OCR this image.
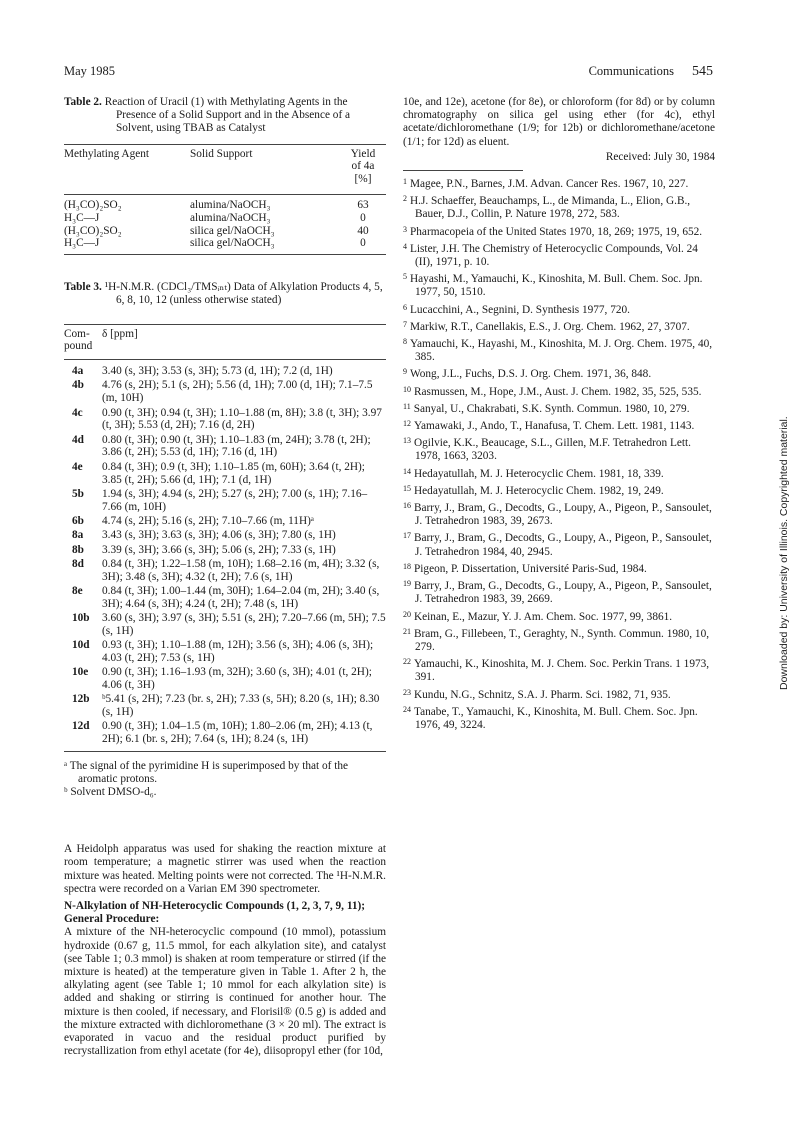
May 1985	Communications 545

Table 2. Reaction of Uracil (1) with Methylating Agents in the Presence of a Solid Support and in the Absence of a Solvent, using TBAB as Catalyst

Methylating Agent	Solid Support	Yield
		of 4a
		[%]
(H₃CO)₂SO₂	alumina/NaOCH₃	63
H₃C—J	alumina/NaOCH₃	0
(H₃CO)₂SO₂	silica gel/NaOCH₃	40
H₃C—J	silica gel/NaOCH₃	0

Table 3. ¹H-N.M.R. (CDCl₃/TMSᵢₙₜ) Data of Alkylation Products 4, 5, 6, 8, 10, 12 (unless otherwise stated)

Com- pound	δ [ppm]
4a	3.40 (s, 3H); 3.53 (s, 3H); 5.73 (d, 1H); 7.2 (d, 1H)
4b	4.76 (s, 2H); 5.1 (s, 2H); 5.56 (d, 1H); 7.00 (d, 1H); 7.1–7.5 (m, 10H)
4c	0.90 (t, 3H); 0.94 (t, 3H); 1.10–1.88 (m, 8H); 3.8 (t, 3H); 3.97 (t, 3H); 5.53 (d, 2H); 7.16 (d, 2H)
4d	0.80 (t, 3H); 0.90 (t, 3H); 1.10–1.83 (m, 24H); 3.78 (t, 2H); 3.86 (t, 2H); 5.53 (d, 1H); 7.16 (d, 1H)
4e	0.84 (t, 3H); 0.9 (t, 3H); 1.10–1.85 (m, 60H); 3.64 (t, 2H); 3.85 (t, 2H); 5.66 (d, 1H); 7.1 (d, 1H)
5b	1.94 (s, 3H); 4.94 (s, 2H); 5.27 (s, 2H); 7.00 (s, 1H); 7.16–7.66 (m, 10H)
6b	4.74 (s, 2H); 5.16 (s, 2H); 7.10–7.66 (m, 11H)ᵃ
8a	3.43 (s, 3H); 3.63 (s, 3H); 4.06 (s, 3H); 7.80 (s, 1H)
8b	3.39 (s, 3H); 3.66 (s, 3H); 5.06 (s, 2H); 7.33 (s, 1H)
8d	0.84 (t, 3H); 1.22–1.58 (m, 10H); 1.68–2.16 (m, 4H); 3.32 (s, 3H); 3.48 (s, 3H); 4.32 (t, 2H); 7.6 (s, 1H)
8e	0.84 (t, 3H); 1.00–1.44 (m, 30H); 1.64–2.04 (m, 2H); 3.40 (s, 3H); 4.64 (s, 3H); 4.24 (t, 2H); 7.48 (s, 1H)
10b	3.60 (s, 3H); 3.97 (s, 3H); 5.51 (s, 2H); 7.20–7.66 (m, 5H); 7.5 (s, 1H)
10d	0.93 (t, 3H); 1.10–1.88 (m, 12H); 3.56 (s, 3H); 4.06 (s, 3H); 4.03 (t, 2H); 7.53 (s, 1H)
10e	0.90 (t, 3H); 1.16–1.93 (m, 32H); 3.60 (s, 3H); 4.01 (t, 2H); 4.06 (t, 3H)
12b	ᵇ5.41 (s, 2H); 7.23 (br. s, 2H); 7.33 (s, 5H); 8.20 (s, 1H); 8.30 (s, 1H)
12d	0.90 (t, 3H); 1.04–1.5 (m, 10H); 1.80–2.06 (m, 2H); 4.13 (t, 2H); 6.1 (br. s, 2H); 7.64 (s, 1H); 8.24 (s, 1H)

ᵃ The signal of the pyrimidine H is superimposed by that of the aromatic protons.

ᵇ Solvent DMSO-d₆.

A Heidolph apparatus was used for shaking the reaction mixture at room temperature; a magnetic stirrer was used when the reaction mixture was heated. Melting points were not corrected. The ¹H-N.M.R. spectra were recorded on a Varian EM 390 spectrometer.

N-Alkylation of NH-Heterocyclic Compounds (1, 2, 3, 7, 9, 11); General Procedure:

A mixture of the NH-heterocyclic compound (10 mmol), potassium hydroxide (0.67 g, 11.5 mmol, for each alkylation site), and catalyst (see Table 1; 0.3 mmol) is shaken at room temperature or stirred (if the mixture is heated) at the temperature given in Table 1. After 2 h, the alkylating agent (see Table 1; 10 mmol for each alkylation site) is added and shaking or stirring is continued for another hour. The mixture is then cooled, if necessary, and Florisil® (0.5 g) is added and the mixture extracted with dichloromethane (3 × 20 ml). The extract is evaporated in vacuo and the residual product purified by recrystallization from ethyl acetate (for 4e), diisopropyl ether (for 10d,

10e, and 12e), acetone (for 8e), or chloroform (for 8d) or by column chromatography on silica gel using ether (for 4c), ethyl acetate/dichloromethane (1/9; for 12b) or dichloromethane/acetone (1/1; for 12d) as eluent.

Received: July 30, 1984

$^1$ Magee, P.N., Barnes, J.M. Advan. Cancer Res. 1967, 10, 227.
$^2$ H.J. Schaeffer, Beauchamps, L., de Mimanda, L., Elion, G.B., Bauer, D.J., Collin, P. Nature 1978, 272, 583.
$^3$ Pharmacopeia of the United States 1970, 18, 269; 1975, 19, 652.
$^4$ Lister, J.H. The Chemistry of Heterocyclic Compounds, Vol. 24 (II), 1971, p. 10.
$^5$ Hayashi, M., Yamauchi, K., Kinoshita, M. Bull. Chem. Soc. Jpn. 1977, 50, 1510.
$^6$ Lucacchini, A., Segnini, D. Synthesis 1977, 720.
$^7$ Markiw, R.T., Canellakis, E.S., J. Org. Chem. 1962, 27, 3707.
$^8$ Yamauchi, K., Hayashi, M., Kinoshita, M. J. Org. Chem. 1975, 40, 385.
$^9$ Wong, J.L., Fuchs, D.S. J. Org. Chem. 1971, 36, 848.
$^{10}$ Rasmussen, M., Hope, J.M., Aust. J. Chem. 1982, 35, 525, 535.
$^{11}$ Sanyal, U., Chakrabati, S.K. Synth. Commun. 1980, 10, 279.
$^{12}$ Yamawaki, J., Ando, T., Hanafusa, T. Chem. Lett. 1981, 1143.
$^{13}$ Ogilvie, K.K., Beaucage, S.L., Gillen, M.F. Tetrahedron Lett. 1978, 1663, 3203.
$^{14}$ Hedayatullah, M. J. Heterocyclic Chem. 1981, 18, 339.
$^{15}$ Hedayatullah, M. J. Heterocyclic Chem. 1982, 19, 249.
$^{16}$ Barry, J., Bram, G., Decodts, G., Loupy, A., Pigeon, P., Sansoulet, J. Tetrahedron 1983, 39, 2673.
$^{17}$ Barry, J., Bram, G., Decodts, G., Loupy, A., Pigeon, P., Sansoulet, J. Tetrahedron 1984, 40, 2945.
$^{18}$ Pigeon, P. Dissertation, Université Paris-Sud, 1984.
$^{19}$ Barry, J., Bram, G., Decodts, G., Loupy, A., Pigeon, P., Sansoulet, J. Tetrahedron 1983, 39, 2669.
$^{20}$ Keinan, E., Mazur, Y. J. Am. Chem. Soc. 1977, 99, 3861.
$^{21}$ Bram, G., Fillebeen, T., Geraghty, N., Synth. Commun. 1980, 10, 279.
$^{22}$ Yamauchi, K., Kinoshita, M. J. Chem. Soc. Perkin Trans. 1 1973, 391.
$^{23}$ Kundu, N.G., Schnitz, S.A. J. Pharm. Sci. 1982, 71, 935.
$^{24}$ Tanabe, T., Yamauchi, K., Kinoshita, M. Bull. Chem. Soc. Jpn. 1976, 49, 3224.
Downloaded by: University of Illinois. Copyrighted material.
